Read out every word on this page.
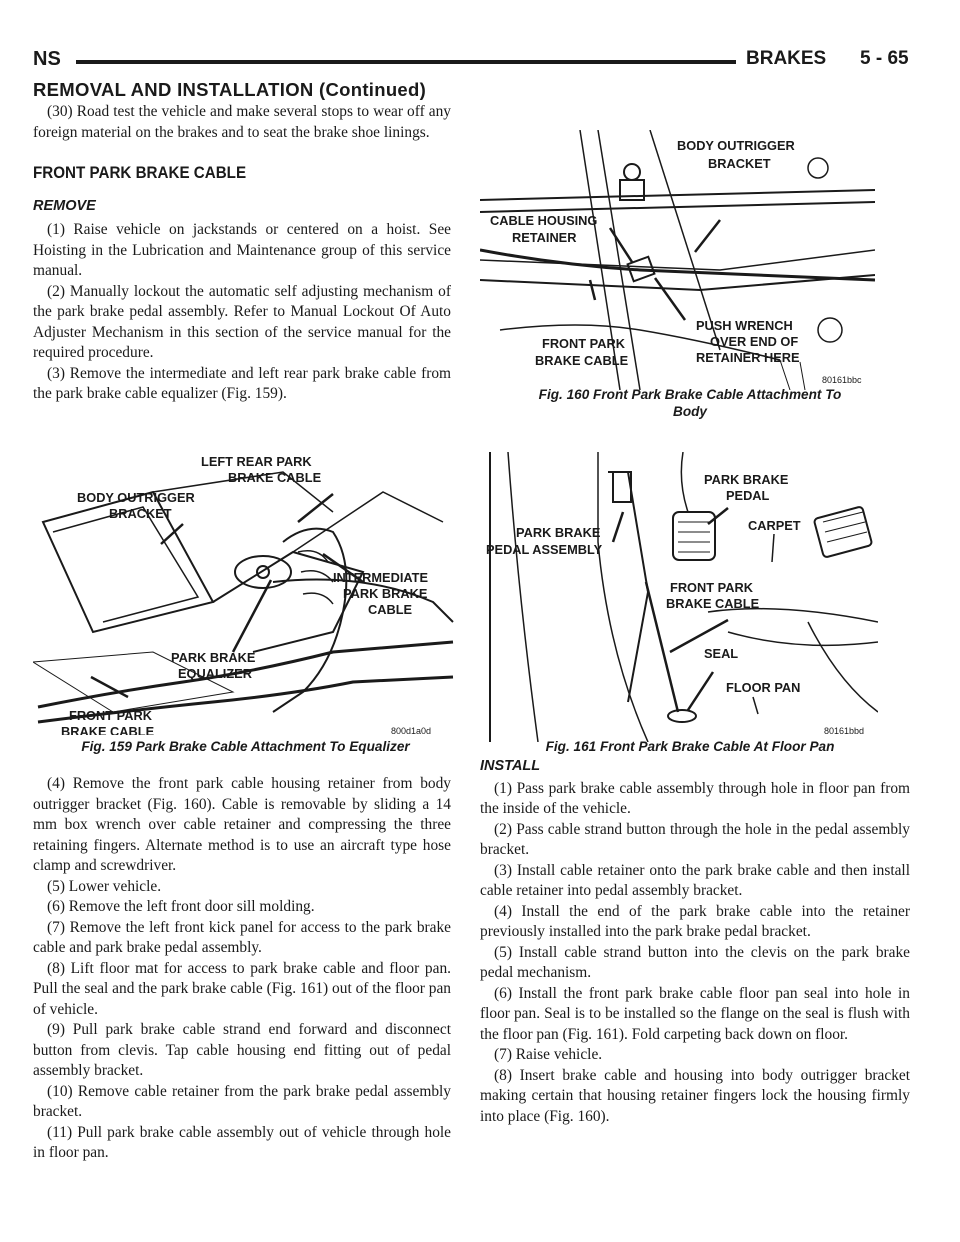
NS	BRAKES 5 - 65
REMOVAL AND INSTALLATION (Continued)

(30) Road test the vehicle and make several stops to wear off any foreign material on the brakes and to seat the brake shoe linings.

FRONT PARK BRAKE CABLE
REMOVE

(1) Raise vehicle on jackstands or centered on a hoist. See Hoisting in the Lubrication and Maintenance group of this service manual.

(2) Manually lockout the automatic self adjusting mechanism of the park brake pedal assembly. Refer to Manual Lockout Of Auto Adjuster Mechanism in this section of the service manual for the required procedure.

(3) Remove the intermediate and left rear park brake cable from the park brake cable equalizer (Fig. 159).

(4) Remove the front park cable housing retainer from body outrigger bracket (Fig. 160). Cable is removable by sliding a 14 mm box wrench over cable retainer and compressing the three retaining fingers. Alternate method is to use an aircraft type hose clamp and screwdriver.

(5) Lower vehicle.

(6) Remove the left front door sill molding.

(7) Remove the left front kick panel for access to the park brake cable and park brake pedal assembly.

(8) Lift floor mat for access to park brake cable and floor pan. Pull the seal and the park brake cable (Fig. 161) out of the floor pan of vehicle.

(9) Pull park brake cable strand end forward and disconnect button from clevis. Tap cable housing end fitting out of pedal assembly bracket.

(10) Remove cable retainer from the park brake pedal assembly bracket.

(11) Pull park brake cable assembly out of vehicle through hole in floor pan.

LEFT REAR PARK
BRAKE CABLE
BODY OUTRIGGER
BRACKET
INTERMEDIATE
PARK BRAKE
CABLE
PARK BRAKE
EQUALIZER
FRONT PARK
BRAKE CABLE	800d1a0d
Fig. 159 Park Brake Cable Attachment To Equalizer
BODY OUTRIGGER
BRACKET
CABLE HOUSING
RETAINER
FRONT PARK
BRAKE CABLE
PUSH WRENCH
OVER END OF
RETAINER HERE
80161bbc
Fig. 160 Front Park Brake Cable Attachment To
Body
PARK BRAKE
PEDAL
PARK BRAKE
PEDAL ASSEMBLY
CARPET
FRONT PARK
BRAKE CABLE
SEAL
FLOOR PAN
80161bbd
Fig. 161 Front Park Brake Cable At Floor Pan
INSTALL

(1) Pass park brake cable assembly through hole in floor pan from the inside of the vehicle.

(2) Pass cable strand button through the hole in the pedal assembly bracket.

(3) Install cable retainer onto the park brake cable and then install cable retainer into pedal assembly bracket.

(4) Install the end of the park brake cable into the retainer previously installed into the park brake pedal bracket.

(5) Install cable strand button into the clevis on the park brake pedal mechanism.

(6) Install the front park brake cable floor pan seal into hole in floor pan. Seal is to be installed so the flange on the seal is flush with the floor pan (Fig. 161). Fold carpeting back down on floor.

(7) Raise vehicle.

(8) Insert brake cable and housing into body outrigger bracket making certain that housing retainer fingers lock the housing firmly into place (Fig. 160).
